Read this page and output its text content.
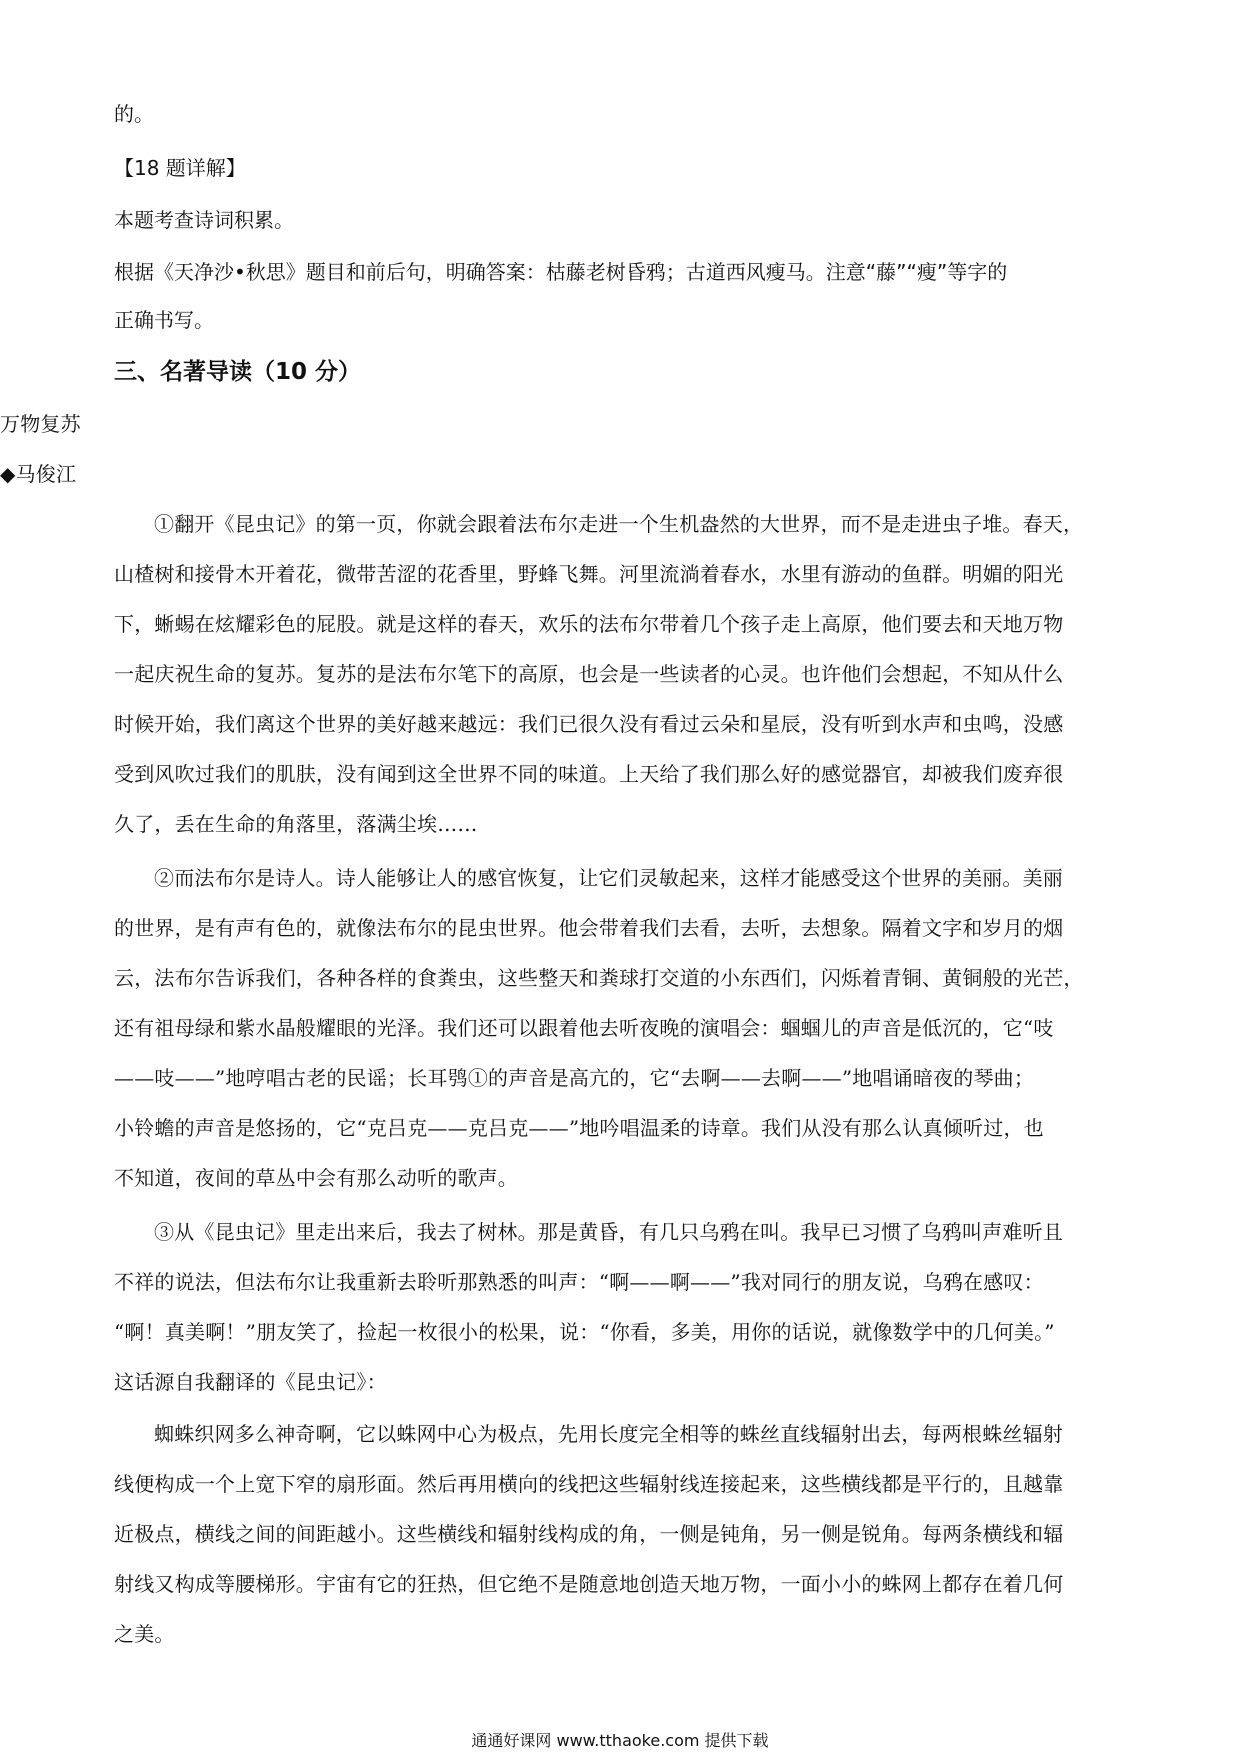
的。
【18 题详解】
本题考查诗词积累。
根据《天净沙•秋思》题目和前后句，明确答案：枯藤老树昏鸦；古道西风瘦马。注意“藤”“瘦”等字的
正确书写。
三、名著导读（10 分）
万物复苏
◆马俊江
①翻开《昆虫记》的第一页，你就会跟着法布尔走进一个生机盎然的大世界，而不是走进虫子堆。春天，
山楂树和接骨木开着花，微带苦涩的花香里，野蜂飞舞。河里流淌着春水，水里有游动的鱼群。明媚的阳光
下，蜥蜴在炫耀彩色的屁股。就是这样的春天，欢乐的法布尔带着几个孩子走上高原，他们要去和天地万物
一起庆祝生命的复苏。复苏的是法布尔笔下的高原，也会是一些读者的心灵。也许他们会想起，不知从什么
时候开始，我们离这个世界的美好越来越远：我们已很久没有看过云朵和星辰，没有听到水声和虫鸣，没感
受到风吹过我们的肌肤，没有闻到这全世界不同的味道。上天给了我们那么好的感觉器官，却被我们废弃很
久了，丢在生命的角落里，落满尘埃……
②而法布尔是诗人。诗人能够让人的感官恢复，让它们灵敏起来，这样才能感受这个世界的美丽。美丽
的世界，是有声有色的，就像法布尔的昆虫世界。他会带着我们去看，去听，去想象。隔着文字和岁月的烟
云，法布尔告诉我们，各种各样的食粪虫，这些整天和粪球打交道的小东西们，闪烁着青铜、黄铜般的光芒，
还有祖母绿和紫水晶般耀眼的光泽。我们还可以跟着他去听夜晚的演唱会：蝈蝈儿的声音是低沉的，它“吱
——吱——”地哼唱古老的民谣；长耳鸮①的声音是高亢的，它“去啊——去啊——”地唱诵暗夜的琴曲；
小铃蟾的声音是悠扬的，它“克吕克——克吕克——”地吟唱温柔的诗章。我们从没有那么认真倾听过，也
不知道，夜间的草丛中会有那么动听的歌声。
③从《昆虫记》里走出来后，我去了树林。那是黄昏，有几只乌鸦在叫。我早已习惯了乌鸦叫声难听且
不祥的说法，但法布尔让我重新去聆听那熟悉的叫声：“啊——啊——”我对同行的朋友说，乌鸦在感叹：
“啊！真美啊！”朋友笑了，捡起一枚很小的松果，说：“你看，多美，用你的话说，就像数学中的几何美。”
这话源自我翻译的《昆虫记》：
蜘蛛织网多么神奇啊，它以蛛网中心为极点，先用长度完全相等的蛛丝直线辐射出去，每两根蛛丝辐射
线便构成一个上宽下窄的扇形面。然后再用横向的线把这些辐射线连接起来，这些横线都是平行的，且越靠
近极点，横线之间的间距越小。这些横线和辐射线构成的角，一侧是钝角，另一侧是锐角。每两条横线和辐
射线又构成等腰梯形。宇宙有它的狂热，但它绝不是随意地创造天地万物，一面小小的蛛网上都存在着几何
之美。
通通好课网 www.tthaoke.com 提供下载
